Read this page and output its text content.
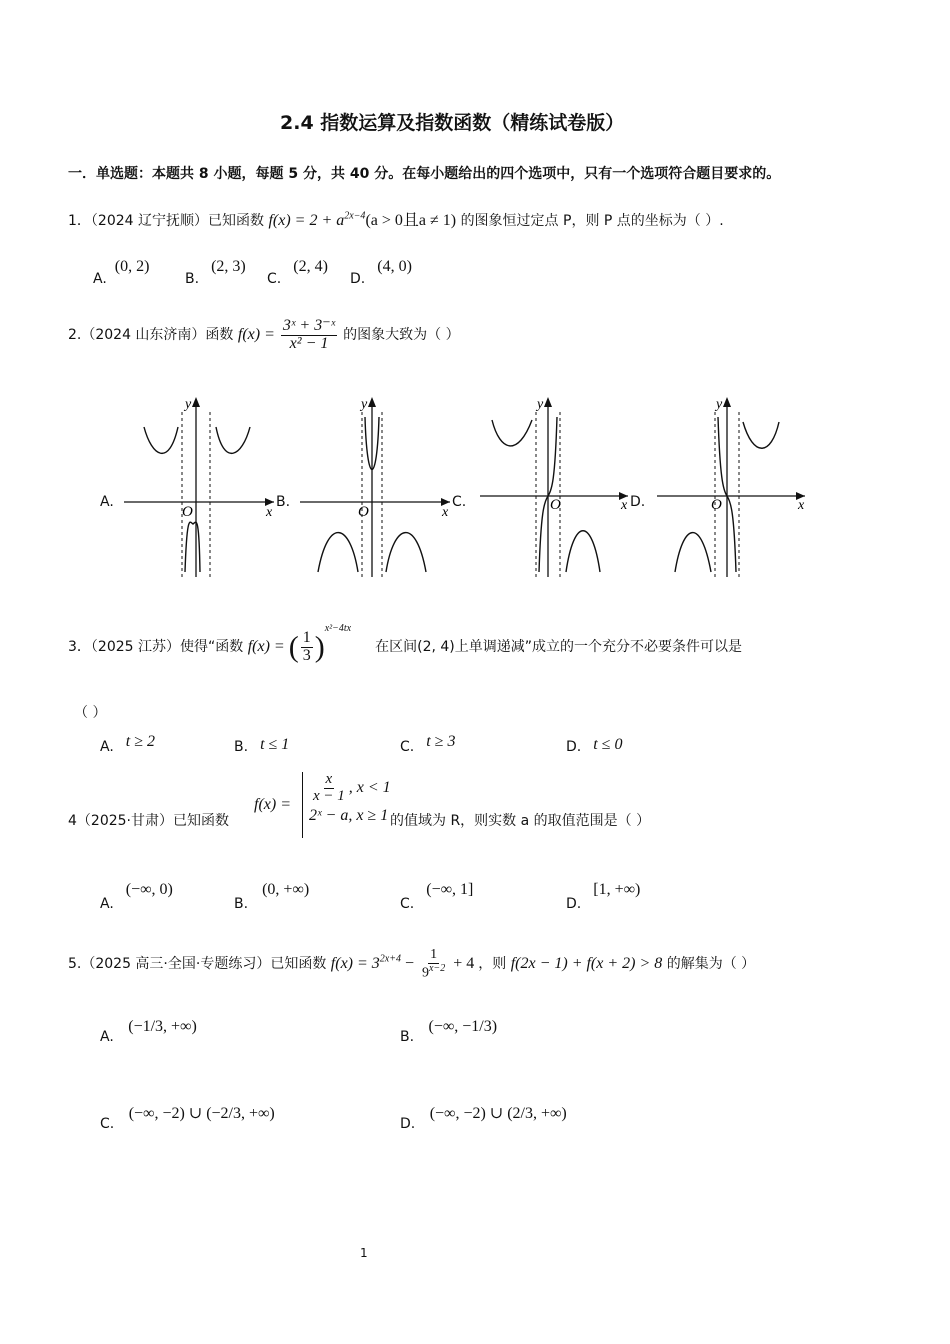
2.4 指数运算及指数函数（精练试卷版）
一．单选题：本题共 8 小题，每题 5 分，共 40 分。在每小题给出的四个选项中，只有一个选项符合题目要求的。
1．（2024 辽宁抚顺）已知函数 $f(x) = 2 + a^{2x-4}(a > 0$且a ≠ 1) 的图象恒过定点 P，则 P 点的坐标为（ ）.
A.(0, 2)
B.(2, 3)
C.(2, 4)
D.(4, 0)
2.（2024 山东济南）函数 $f(x) = \frac{\text{3ˣ + 3⁻ˣ}}{\text{x² − 1}}$ 的图象大致为（ ）
A.
O	x
y
B.
O	x
y
C.	O	x
y
D.	O	x
y
3．（2025 江苏）使得“函数 f(x) = ( $\frac{1}{3} )^{x^2-4tx}$ 在区间(2, 4)上单调递减”成立的一个充分不必要条件可以是
（ ）
A. t ≥ 2	B. t ≤ 1	C. t ≥ 3	D. t ≤ 0
4（2025·甘肃）已知函数
$f(x) = \frac{x}{x - 1}$ , x < 1
2ˣ − a, x ≥ 1 的值域为 R，则实数 a 的取值范围是（ ）
A.(−∞, 0)
B.(0, +∞)
C.(−∞, 1]
D.[1, +∞)
5.（2025 高三·全国·专题练习）已知函数 $f(x) = 3^{2x+4} - \frac{1}{9^{x-2}} + 4$ ，则 f(2x − 1) + f(x + 2) > 8 的解集为（ ）
A. (−1/3, +∞)
B. (−∞, −1/3)
C. (−∞, −2) ∪ (−2/3, +∞)
D. (−∞, −2) ∪ (2/3, +∞)
1
